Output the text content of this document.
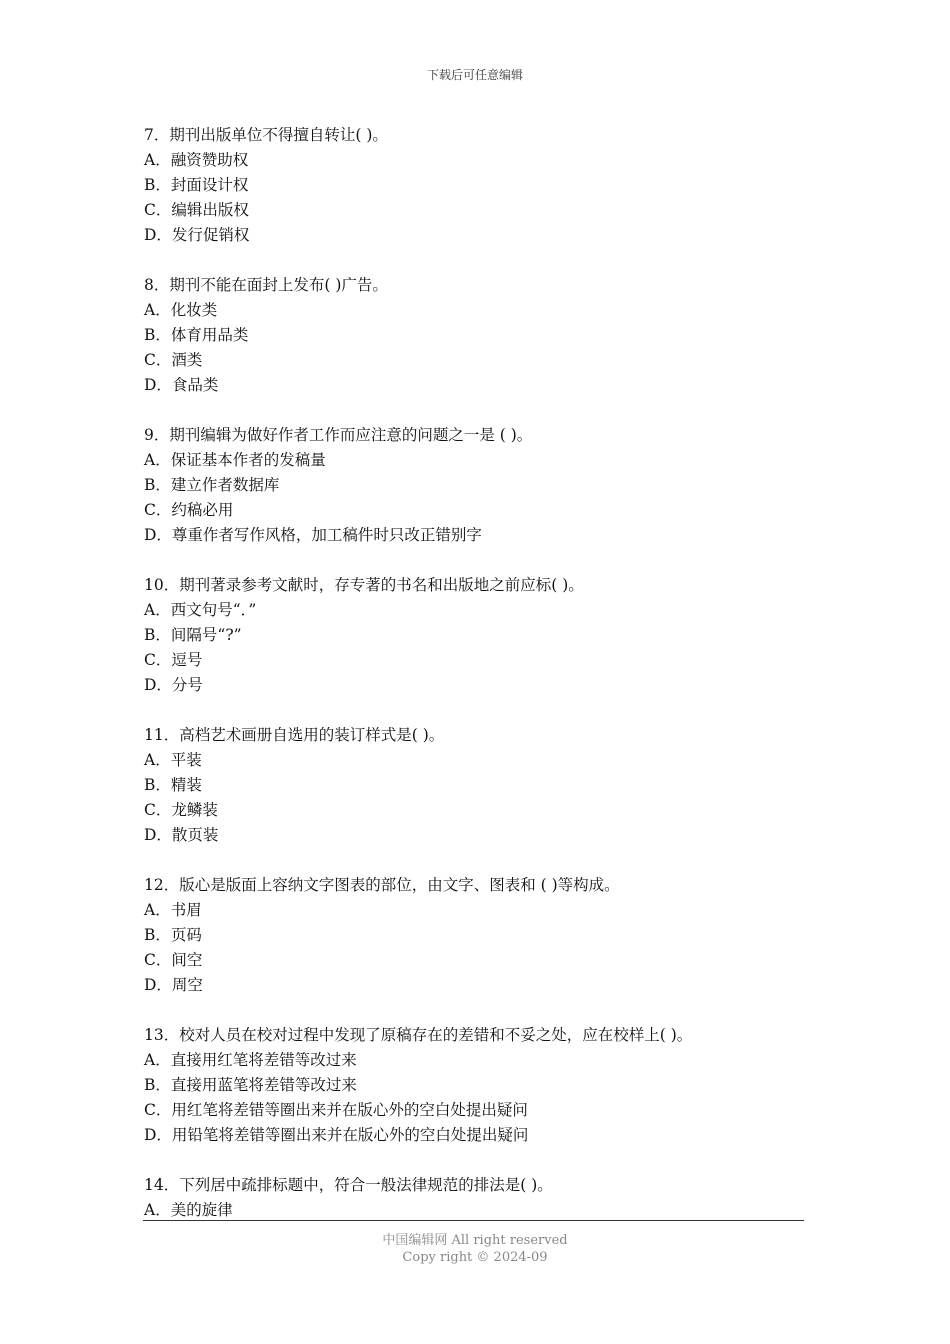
下载后可任意编辑
7．期刊出版单位不得擅自转让( )。
A．融资赞助权
B．封面设计权
C．编辑出版权
D．发行促销权
8．期刊不能在面封上发布( )广告。
A．化妆类
B．体育用品类
C．酒类
D．食品类
9．期刊编辑为做好作者工作而应注意的问题之一是 ( )。
A．保证基本作者的发稿量
B．建立作者数据库
C．约稿必用
D．尊重作者写作风格，加工稿件时只改正错别字
10．期刊著录参考文献时，存专著的书名和出版地之前应标( )。
A．西文句号“．”
B．间隔号“?”
C．逗号
D．分号
11．高档艺术画册自选用的装订样式是( )。
A．平装
B．精装
C．龙鳞装
D．散页装
12．版心是版面上容纳文字图表的部位，由文字、图表和 ( )等构成。
A．书眉
B．页码
C．间空
D．周空
13．校对人员在校对过程中发现了原稿存在的差错和不妥之处，应在校样上( )。
A．直接用红笔将差错等改过来
B．直接用蓝笔将差错等改过来
C．用红笔将差错等圈出来并在版心外的空白处提出疑问
D．用铅笔将差错等圈出来并在版心外的空白处提出疑问
14．下列居中疏排标题中，符合一般法律规范的排法是( )。
A．美的旋律
中国编辑网 All right reserved
Copy right © 2024-09
